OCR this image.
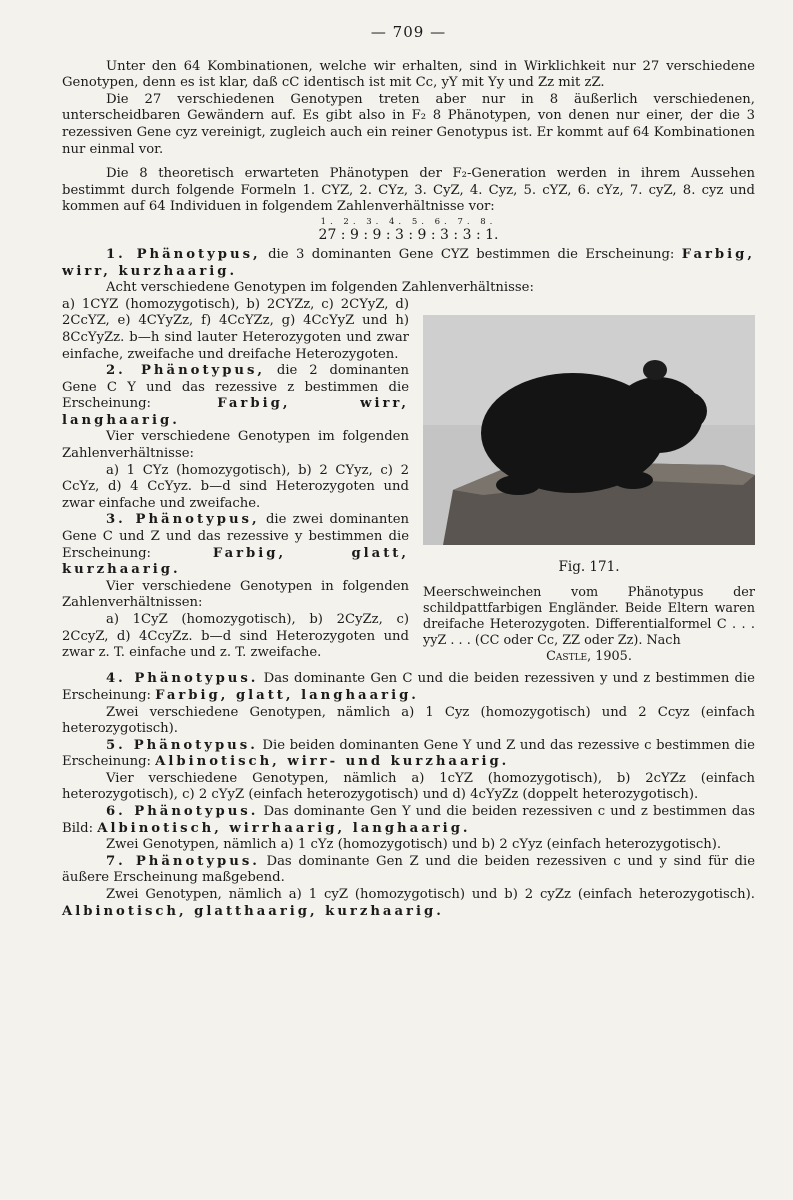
— 709 —

Unter den 64 Kombinationen, welche wir erhalten, sind in Wirklichkeit nur 27 verschiedene Genotypen, denn es ist klar, daß cC identisch ist mit Cc, yY mit Yy und Zz mit zZ.

Die 27 verschiedenen Genotypen treten aber nur in 8 äußerlich verschiedenen, unterscheidbaren Gewändern auf. Es gibt also in F₂ 8 Phänotypen, von denen nur einer, der die 3 rezessiven Gene cyz vereinigt, zugleich auch ein reiner Genotypus ist. Er kommt auf 64 Kombinationen nur einmal vor.

Die 8 theoretisch erwarteten Phänotypen der F₂-Generation werden in ihrem Aussehen bestimmt durch folgende Formeln 1. CYZ, 2. CYz, 3. CyZ, 4. Cyz, 5. cYZ, 6. cYz, 7. cyZ, 8. cyz und kommen auf 64 Individuen in folgendem Zahlenverhältnisse vor:

1. 2. 3. 4. 5. 6. 7. 8.
27 : 9 : 9 : 3 : 9 : 3 : 3 : 1.

1. Phänotypus, die 3 dominanten Gene CYZ bestimmen die Erscheinung: Farbig, wirr, kurzhaarig.

Acht verschiedene Genotypen im folgenden Zahlenverhältnisse:

Fig. 171.
Meerschweinchen vom Phänotypus der schildpattfarbigen Engländer. Beide Eltern waren dreifache Heterozygoten. Differentialformel C . . . yyZ . . . (CC oder Cc, ZZ oder Zz). Nach
Castle, 1905.

a) 1CYZ (homozygotisch), b) 2CYZz, c) 2CYyZ, d) 2CcYZ, e) 4CYyZz, f) 4CcYZz, g) 4CcYyZ und h) 8CcYyZz. b—h sind lauter Heterozygoten und zwar einfache, zweifache und dreifache Heterozygoten.

2. Phänotypus, die 2 dominanten Gene C Y und das rezessive z bestimmen die Erscheinung:	Farbig, wirr, langhaarig.

Vier verschiedene Genotypen im folgenden Zahlenverhältnisse:

a) 1 CYz (homozygotisch), b) 2 CYyz, c) 2 CcYz, d) 4 CcYyz. b—d sind Heterozygoten und zwar einfache und zweifache.

3. Phänotypus, die zwei dominanten Gene C und Z und das rezessive y bestimmen die Erscheinung:	Farbig, glatt, kurzhaarig.

Vier verschiedene Genotypen in folgenden Zahlenverhältnissen:

a) 1CyZ (homozygotisch), b) 2CyZz, c) 2CcyZ, d) 4CcyZz. b—d sind Heterozygoten und zwar z. T. einfache und z. T. zweifache.

4. Phänotypus. Das dominante Gen C und die beiden rezessiven y und z bestimmen die Erscheinung: Farbig, glatt, langhaarig.

Zwei verschiedene Genotypen, nämlich a) 1 Cyz (homozygotisch) und 2 Ccyz (einfach heterozygotisch).

5. Phänotypus. Die beiden dominanten Gene Y und Z und das rezessive c bestimmen die Erscheinung: Albinotisch, wirr- und kurzhaarig.

Vier verschiedene Genotypen, nämlich a) 1cYZ (homozygotisch), b) 2cYZz (einfach heterozygotisch), c) 2 cYyZ (einfach heterozygotisch) und d) 4cYyZz (doppelt heterozygotisch).

6. Phänotypus. Das dominante Gen Y und die beiden rezessiven c und z bestimmen das Bild: Albinotisch, wirrhaarig, langhaarig.

Zwei Genotypen, nämlich a) 1 cYz (homozygotisch) und b) 2 cYyz (einfach heterozygotisch).

7. Phänotypus. Das dominante Gen Z und die beiden rezessiven c und y sind für die äußere Erscheinung maßgebend.

Zwei Genotypen, nämlich a) 1 cyZ (homozygotisch) und b) 2 cyZz (einfach heterozygotisch). Albinotisch, glatthaarig, kurzhaarig.
